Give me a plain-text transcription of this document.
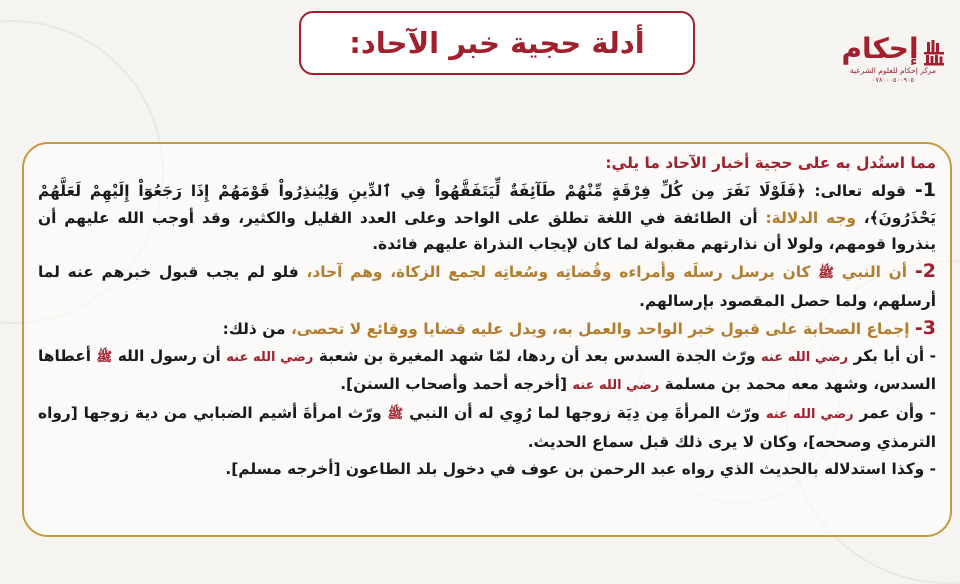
أدلة حجية خبر الآحاد:	إحكام
مركز إحكام للعلوم الشرعية
٠٧٨٠٠٠٥٠٠٩٠٥

مما استُدل به على حجية أخبار الآحاد ما يلي:

1- قوله تعالى: ﴿فَلَوْلَا نَفَرَ مِن كُلِّ فِرْقَةٍ مِّنْهُمْ طَآئِفَةٌ لِّيَتَفَقَّهُواْ فِي ٱلدِّينِ وَلِيُنذِرُواْ قَوْمَهُمْ إِذَا رَجَعُوٓاْ إِلَيْهِمْ لَعَلَّهُمْ يَحْذَرُونَ﴾، وجه الدلالة: أن الطائفة في اللغة تطلق على الواحد وعلى العدد القليل والكثير، وقد أوجب الله عليهم أن ينذروا قومهم، ولولا أن نذارتهم مقبولة لما كان لإيجاب النذراة عليهم فائدة.

2- أن النبي ﷺ كان يرسل رسلَه وأمراءه وقُضاتِه وسُعاتِه لجمع الزكاة، وهم آحاد، فلو لم يجب قبول خبرهم عنه لما أرسلهم، ولما حصل المقصود بإرسالهم.

3- إجماع الصحابة على قبول خبر الواحد والعمل به، ويدل عليه قضايا ووقائع لا تحصى، من ذلك:

- أن أبا بكر رضي الله عنه ورّث الجدة السدس بعد أن ردها، لمّا شهد المغيرة بن شعبة رضي الله عنه أن رسول الله ﷺ أعطاها السدس، وشهد معه محمد بن مسلمة رضي الله عنه [أخرجه أحمد وأصحاب السنن].

- وأن عمر رضي الله عنه ورّث المرأةَ مِن دِيَة زوجها لما رُوِي له أن النبي ﷺ ورّث امرأةَ أشيم الضبابي من دية زوجها [رواه الترمذي وصححه]، وكان لا يرى ذلك قبل سماع الحديث.

- وكذا استدلاله بالحديث الذي رواه عبد الرحمن بن عوف في دخول بلد الطاعون [أخرجه مسلم].
